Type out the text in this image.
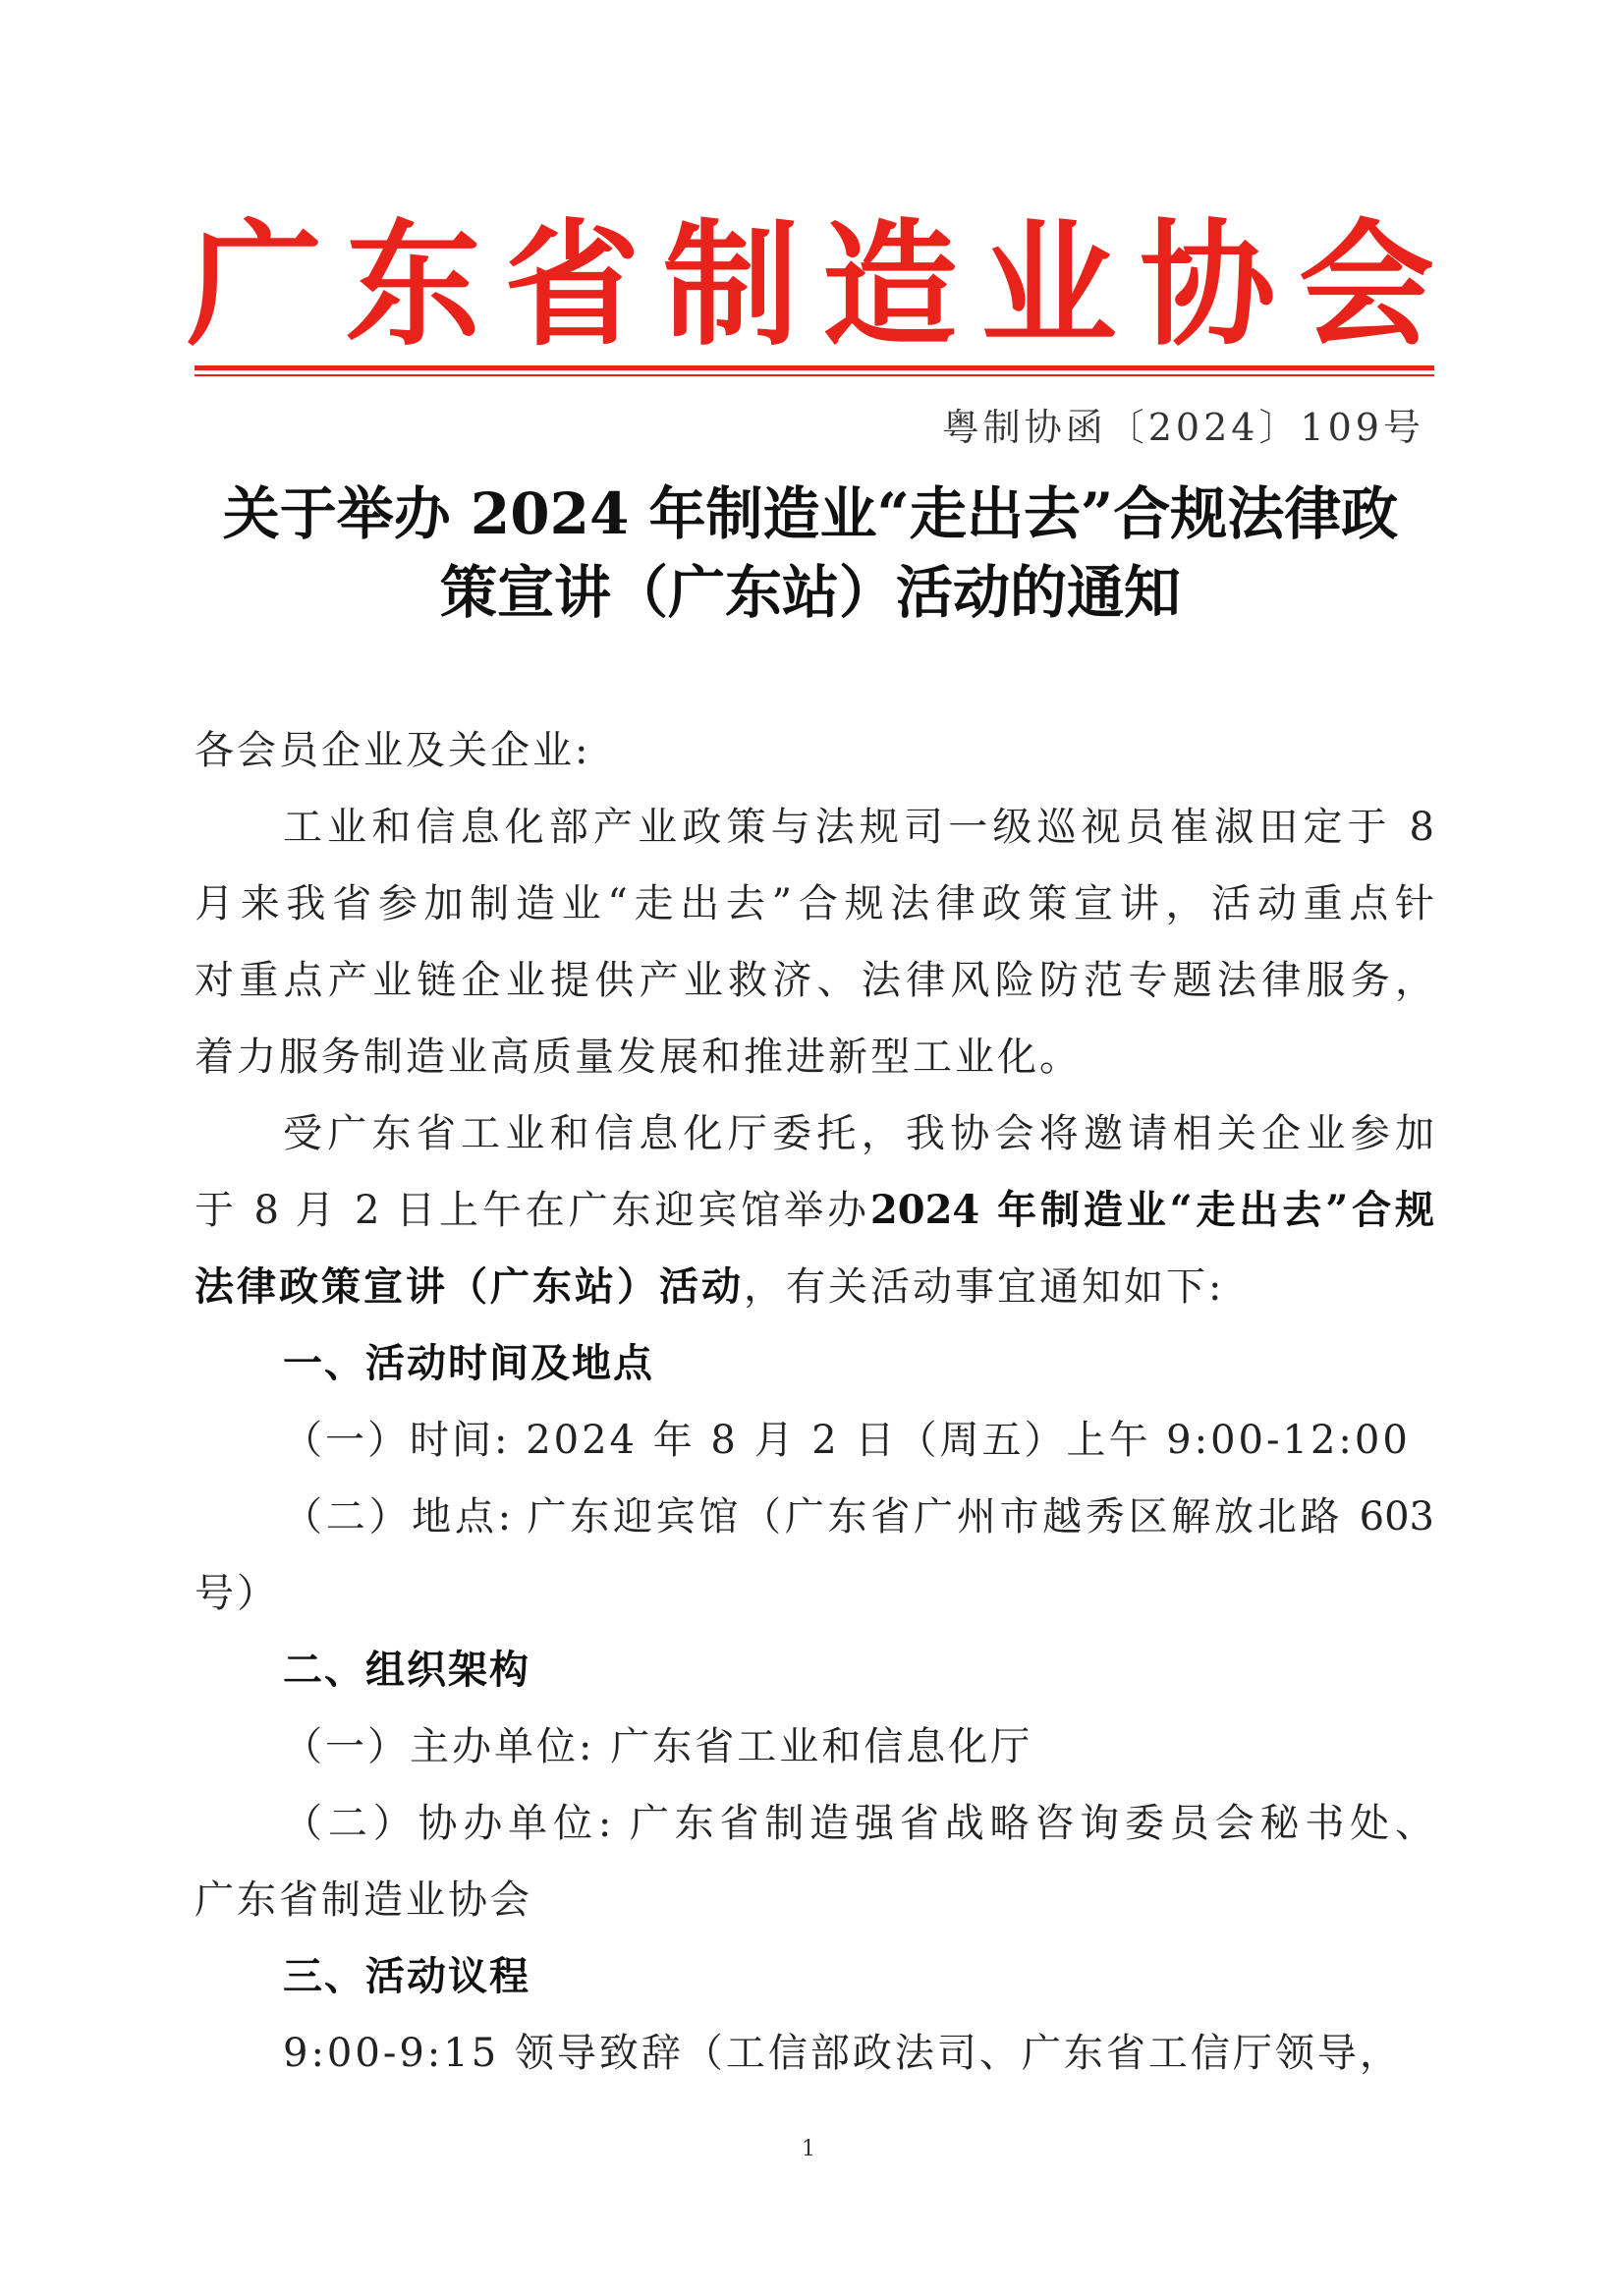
广 东 省 制 造 业 协 会
粤制协函〔2024〕109号
关于举办 2024 年制造业“走出去”合规法律政
策宣讲（广东站）活动的通知
各会员企业及关企业:
工业和信息化部产业政策与法规司一级巡视员崔淑田定于 8
月来我省参加制造业“走出去”合规法律政策宣讲，活动重点针
对重点产业链企业提供产业救济、法律风险防范专题法律服务，
着力服务制造业高质量发展和推进新型工业化。
受广东省工业和信息化厅委托，我协会将邀请相关企业参加
于 8 月 2 日上午在广东迎宾馆举办2024 年制造业“走出去”合规
法律政策宣讲（广东站）活动，有关活动事宜通知如下:
一、活动时间及地点
（一）时间: 2024 年 8 月 2 日（周五）上午 9:00-12:00
（二）地点: 广东迎宾馆（广东省广州市越秀区解放北路 603
号）
二、组织架构
（一）主办单位: 广东省工业和信息化厅
（二）协办单位: 广东省制造强省战略咨询委员会秘书处、
广东省制造业协会
三、活动议程
9:00-9:15 领导致辞（工信部政法司、广东省工信厅领导，
1
